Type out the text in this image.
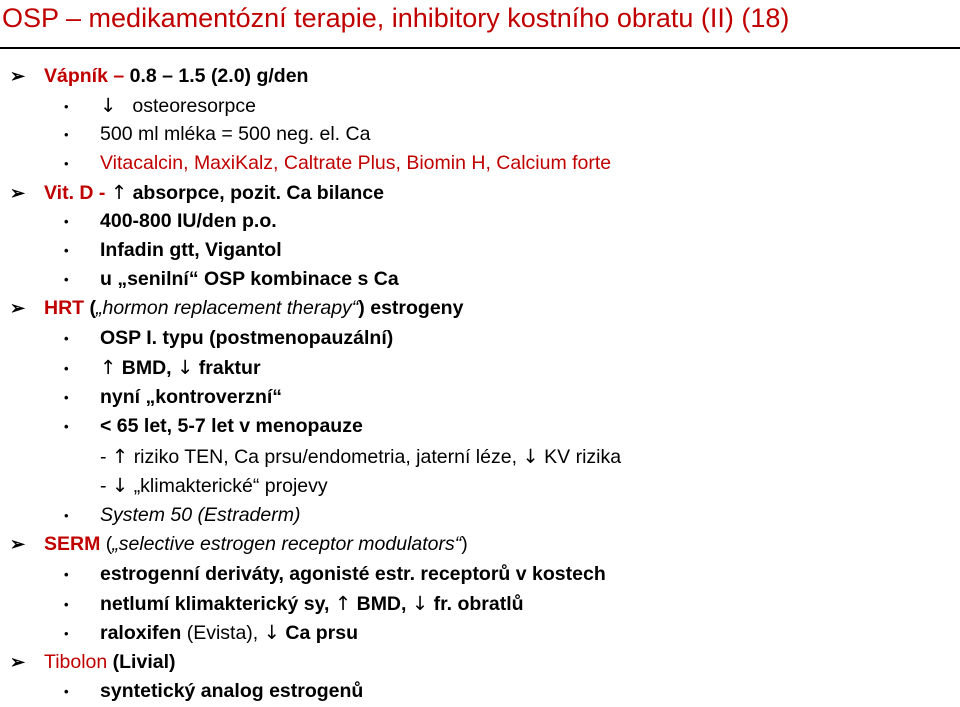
OSP – medikamentózní terapie, inhibitory kostního obratu (II) (18)
➢ Vápník – 0.8 – 1.5 (2.0) g/den
• ↓	osteoresorpce
• 500 ml mléka = 500 neg. el. Ca
• Vitacalcin, MaxiKalz, Caltrate Plus, Biomin H, Calcium forte
➢ Vit. D - ↑ absorpce, pozit. Ca bilance
• 400-800 IU/den p.o.
• Infadin gtt, Vigantol
• u „senilní“ OSP kombinace s Ca
➢ HRT („hormon replacement therapy“) estrogeny
• OSP I. typu (postmenopauzální)
• ↑	BMD, ↓ fraktur
• nyní „kontroverzní“
• < 65 let, 5-7 let v menopauze
- ↑ riziko TEN, Ca prsu/endometria, jaterní léze, ↓ KV rizika
- ↓ „klimakterické“ projevy
• System 50 (Estraderm)
➢ SERM („selective estrogen receptor modulators“)
• estrogenní deriváty, agonisté estr. receptorů v kostech
• netlumí klimakterický sy, ↑ BMD, ↓ fr. obratlů
• raloxifen (Evista), ↓ Ca prsu
➢ Tibolon (Livial)
• syntetický analog estrogenů
